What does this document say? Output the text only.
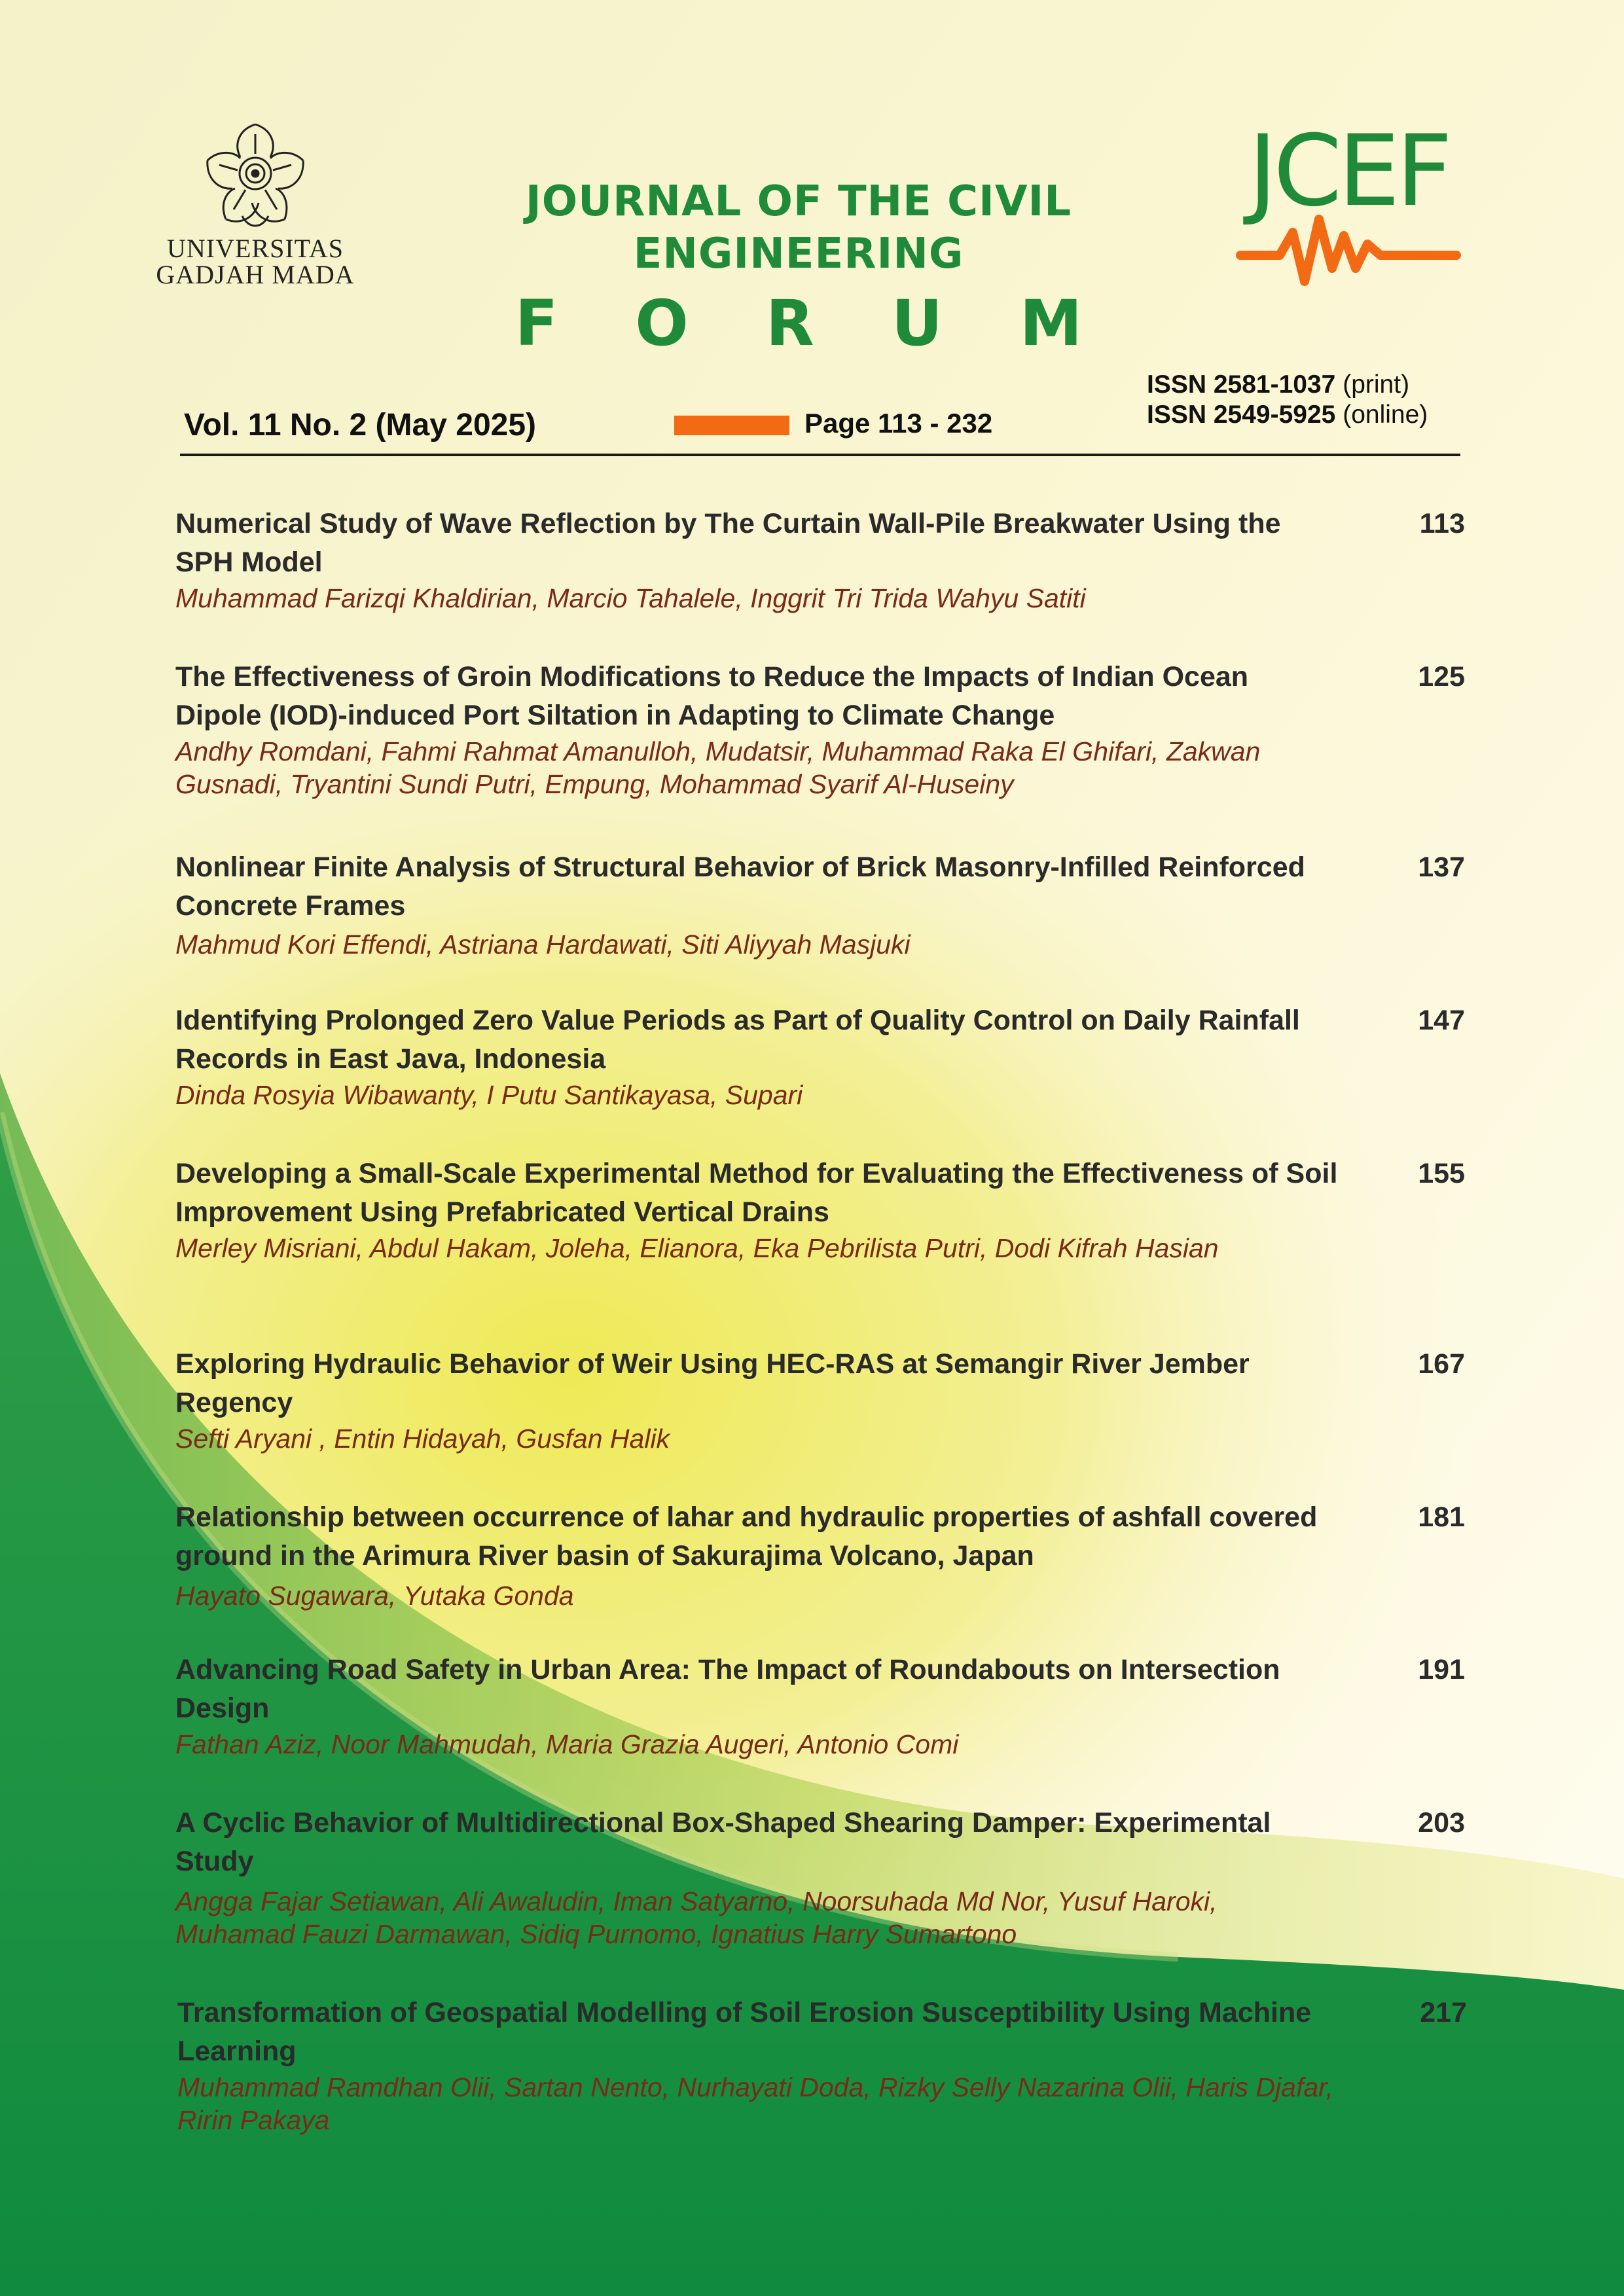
UNIVERSITAS
GADJAH MADA
JOURNAL OF THE CIVIL ENGINEERING
FORUM
JCEF
ISSN 2581-1037 (print)
ISSN 2549-5925 (online)
Vol. 11 No. 2 (May 2025)	Page 113 - 232
Numerical Study of Wave Reflection by The Curtain Wall-Pile Breakwater Using the SPH Model
Muhammad Farizqi Khaldirian, Marcio Tahalele, Inggrit Tri Trida Wahyu Satiti
113
The Effectiveness of Groin Modifications to Reduce the Impacts of Indian Ocean Dipole (IOD)-induced Port Siltation in Adapting to Climate Change
Andhy Romdani, Fahmi Rahmat Amanulloh, Mudatsir, Muhammad Raka El Ghifari, Zakwan Gusnadi, Tryantini Sundi Putri, Empung, Mohammad Syarif Al-Huseiny
125
Nonlinear Finite Analysis of Structural Behavior of Brick Masonry-Infilled Reinforced Concrete Frames
Mahmud Kori Effendi, Astriana Hardawati, Siti Aliyyah Masjuki
137
Identifying Prolonged Zero Value Periods as Part of Quality Control on Daily Rainfall Records in East Java, Indonesia
Dinda Rosyia Wibawanty, I Putu Santikayasa, Supari
147
Developing a Small-Scale Experimental Method for Evaluating the Effectiveness of Soil Improvement Using Prefabricated Vertical Drains
Merley Misriani, Abdul Hakam, Joleha, Elianora, Eka Pebrilista Putri, Dodi Kifrah Hasian
155
Exploring Hydraulic Behavior of Weir Using HEC-RAS at Semangir River Jember Regency
Sefti Aryani , Entin Hidayah, Gusfan Halik
167
Relationship between occurrence of lahar and hydraulic properties of ashfall covered ground in the Arimura River basin of Sakurajima Volcano, Japan
Hayato Sugawara, Yutaka Gonda
181
Advancing Road Safety in Urban Area: The Impact of Roundabouts on Intersection Design
Fathan Aziz, Noor Mahmudah, Maria Grazia Augeri, Antonio Comi
191
A Cyclic Behavior of Multidirectional Box-Shaped Shearing Damper: Experimental Study
Angga Fajar Setiawan, Ali Awaludin, Iman Satyarno, Noorsuhada Md Nor, Yusuf Haroki, Muhamad Fauzi Darmawan, Sidiq Purnomo, Ignatius Harry Sumartono
203
Transformation of Geospatial Modelling of Soil Erosion Susceptibility Using Machine Learning
Muhammad Ramdhan Olii, Sartan Nento, Nurhayati Doda, Rizky Selly Nazarina Olii, Haris Djafar, Ririn Pakaya
217
